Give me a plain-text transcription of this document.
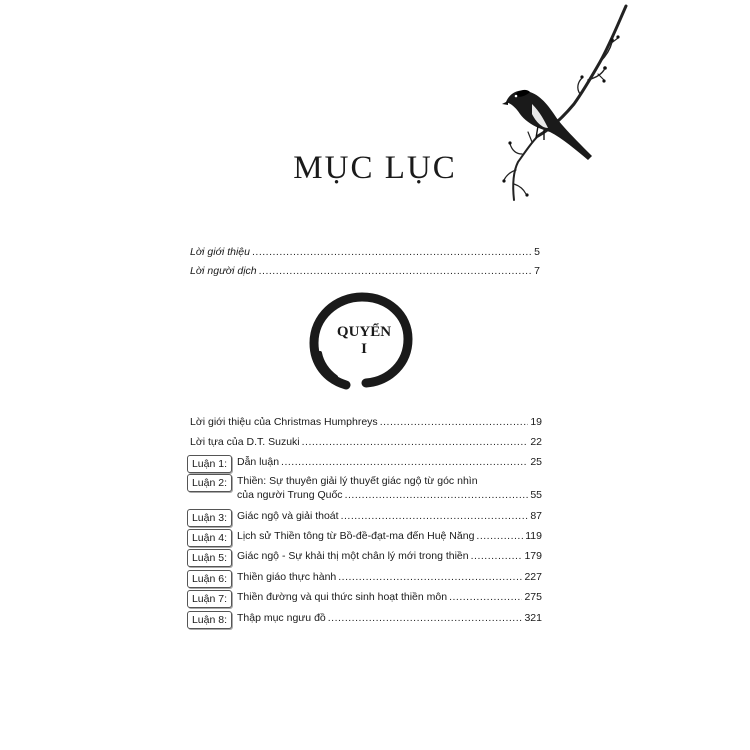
MỤC LỤC
Lời giới thiệu .....	5
Lời người dịch .....	7
QUYỂN
I
Lời giới thiệu của Christmas Humphreys .....	19
Lời tựa của D.T. Suzuki .....	22
Luận 1: Dẫn luận .....	25
Luận 2: Thiền: Sự thuyên giải lý thuyết giác ngộ từ góc nhìn
của người Trung Quốc .....	55
Luận 3: Giác ngộ và giải thoát .....	87
Luận 4: Lịch sử Thiền tông từ Bồ-đề-đạt-ma đến Huệ Năng .....	119
Luận 5: Giác ngộ - Sự khải thị một chân lý mới trong thiền .....	179
Luận 6: Thiền giáo thực hành .....	227
Luận 7: Thiền đường và qui thức sinh hoạt thiền môn .....	275
Luận 8: Thập mục ngưu đồ .....	321
